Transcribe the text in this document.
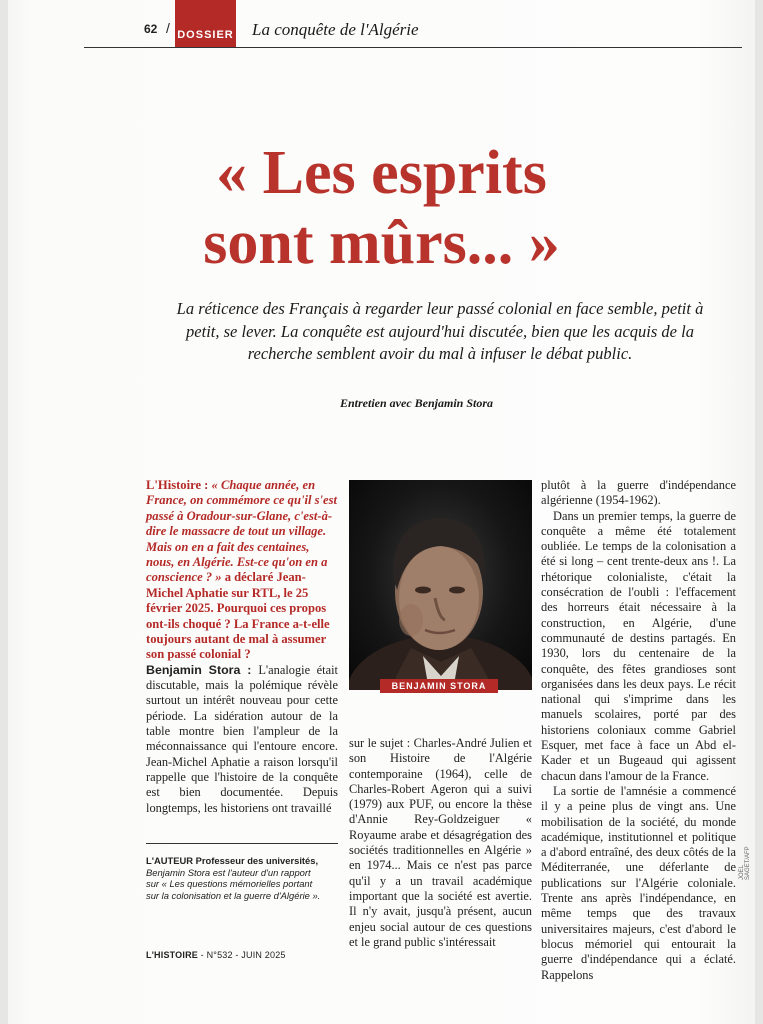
62 / DOSSIER La conquête de l'Algérie
« Les esprits
sont mûrs... »
La réticence des Français à regarder leur passé colonial en face semble, petit à petit, se lever. La conquête est aujourd'hui discutée, bien que les acquis de la recherche semblent avoir du mal à infuser le débat public.
Entretien avec Benjamin Stora

L'Histoire : « Chaque année, en France, on commémore ce qu'il s'est passé à Oradour-sur-Glane, c'est-à-dire le massacre de tout un village. Mais on en a fait des centaines, nous, en Algérie. Est-ce qu'on en a conscience ? » a déclaré Jean-Michel Aphatie sur RTL, le 25 février 2025. Pourquoi ces propos ont-ils choqué ? La France a-t-elle toujours autant de mal à assumer son passé colonial ?

Benjamin Stora : L'analogie était discutable, mais la polémique révèle surtout un intérêt nouveau pour cette période. La sidération autour de la table montre bien l'ampleur de la méconnaissance qui l'entoure encore. Jean-Michel Aphatie a raison lorsqu'il rappelle que l'histoire de la conquête est bien documentée. Depuis longtemps, les historiens ont travaillé

BENJAMIN STORA

sur le sujet : Charles-André Julien et son Histoire de l'Algérie contemporaine (1964), celle de Charles-Robert Ageron qui a suivi (1979) aux PUF, ou encore la thèse d'Annie Rey-Goldzeiguer « Royaume arabe et désagrégation des sociétés traditionnelles en Algérie » en 1974... Mais ce n'est pas parce qu'il y a un travail académique important que la société est avertie. Il n'y avait, jusqu'à présent, aucun enjeu social autour de ces questions et le grand public s'intéressait

plutôt à la guerre d'indépendance algérienne (1954-1962).

Dans un premier temps, la guerre de conquête a même été totalement oubliée. Le temps de la colonisation a été si long – cent trente-deux ans !. La rhétorique colonialiste, c'était la consécration de l'oubli : l'effacement des horreurs était nécessaire à la construction, en Algérie, d'une communauté de destins partagés. En 1930, lors du centenaire de la conquête, des fêtes grandioses sont organisées dans les deux pays. Le récit national qui s'imprime dans les manuels scolaires, porté par des historiens coloniaux comme Gabriel Esquer, met face à face un Abd el-Kader et un Bugeaud qui agissent chacun dans l'amour de la France.

La sortie de l'amnésie a commencé il y a peine plus de vingt ans. Une mobilisation de la société, du monde académique, institutionnel et politique a d'abord entraîné, des deux côtés de la Méditerranée, une déferlante de publications sur l'Algérie coloniale. Trente ans après l'indépendance, en même temps que des travaux universitaires majeurs, c'est d'abord le blocus mémoriel qui entourait la guerre d'indépendance qui a éclaté. Rappelons

L'AUTEUR Professeur des universités, Benjamin Stora est l'auteur d'un rapport sur « Les questions mémorielles portant sur la colonisation et la guerre d'Algérie ».
L'HISTOIRE - N°532 - JUIN 2025
JOEL SAGET/AFP
